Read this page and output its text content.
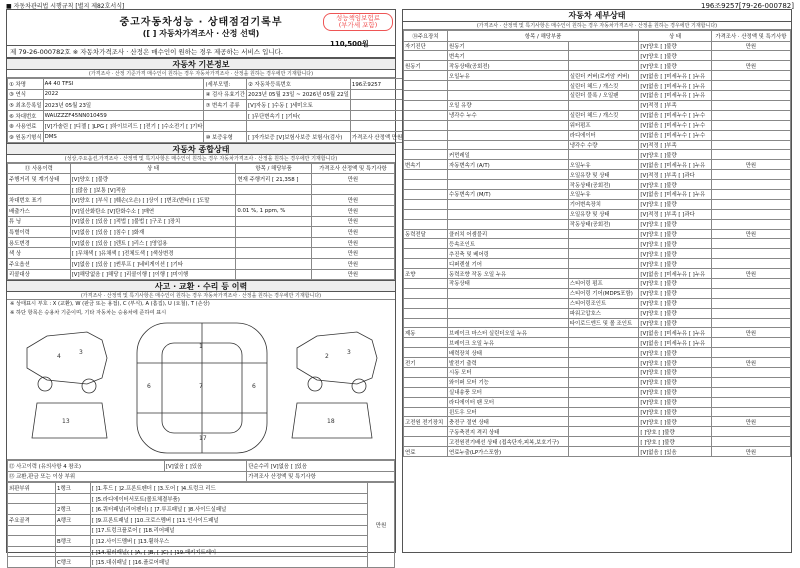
■ 자동차관리법 시행규칙 [별지 제82호서식]	196조9257[79-26-000782]
중고자동차성능 · 상태점검기록부
([ ] 자동차가격조사 · 산정 선택)
성능책임보험료
(부가세 포함)
110,500원
제 79-26-000782호 ※ 자동차가격조사 · 산정은 매수인이 원하는 경우 제공하는 서비스 입니다.
자동차 기본정보
(가격조사 · 산정 기준가격 매수인이 원하는 경우 자동차가격조사 · 산정을 원하는 경우에만 기재합니다)
① 차명	A4 40 TFSI	(세부모델:	② 자동차등록번호	196조9257
③ 연식	2022	④ 검사 유효기간	2023년 05월 23일 ~ 2026년 05월 22일	
⑤ 최초등록일	2023년 05월 23일	⑦ 변속기 종류	[V]자동 [ ]수동 [ ]세미오토	
⑥ 차대번호	WAUZZZF45NN010459		[ ]무단변속기 [ ]기타(	
⑧ 사용연료	[V]가솔린 [ ]디젤 [ ]LPG [ ]하이브리드 [ ]전기 [ ]수소전기 [ ]기타			
⑨ 원동기형식	DMS	⑩ 보증유형	[ ]자가보증 [V]보험사보증 보험사(검사)	가격조사 산정액 만원
자동차 종합상태
(성상,주요옵션,가격조사 · 산정액 및 특기사항은 매수인이 원하는 경우 자동차가격조사 · 산정을 원하는 경우에만 기재합니다)
⑪ 사용이력	상 태	항목 / 해당부품	가격조사 산정액 및 특기사항
주행거리 및 계기상태	[V]양호 [ ]불량	현재 주행거리 [ 21,358 ]	만원
	[ ]많음 [ ]보통 [V]적음		
차대번호 표기	[V]양호 [ ]부식 [ ]훼손(오손) [ ]상이 [ ]변조(변타) [ ]도말		만원
배출가스	[V]일산화탄소 [V]탄화수소 [ ]매연	0.01 %, 1 ppm, %	만원
튜 닝	[V]없음 [ ]있음 [ ]적법 [ ]불법 [ ]구조 [ ]장치		만원
특별이력	[V]없음 [ ]있음 [ ]침수 [ ]화재		만원
용도변경	[V]없음 [ ]있음 [ ]렌트 [ ]리스 [ ]영업용		만원
색 상	[ ]무채색 [ ]유채색 [ ]전체도색 [ ]색상변경		만원
주요옵션	[V]없음 [ ]있음 [ ]썬루프 [ ]네비게이션 [ ]기타		만원
리콜대상	[V]해당없음 [ ]해당 [ ]리콜이행 [ ]이행 [ ]미이행		만원
사고 · 교환 · 수리 등 이력
(가격조사 · 산정액 및 특기사항은 매수인이 원하는 경우 자동차가격조사 · 산정을 원하는 경우에만 기재합니다)
※ 상태표시 부호 : X (교환), W (판금 또는 용접), C (부식), A (흠집), U (요철), T (손상)
※ 하단 항목은 승용차 기준이며, 기타 자동차는 승용차에 준하여 표시
4
3
2
3
1
7
17
6	6
13	18
⑫ 사고이력 (유의사항 4 참조)	[V]없음 [ ]있음	단순수리 [V]없음 [ ]있음
⑬ 교환,판금 또는 이상 부위		가격조사 산정액 및 특기사항
외판부위	1랭크	[ ]1.후드 [ ]2.프론트펜더 [ ]3.도어 [ ]4.트렁크 리드	만원
		[ ]5.라디에이터서포트(볼트체결부품)	
	2랭크	[ ]6.쿼터패널(리어펜더) [ ]7.루프패널 [ ]8.사이드실패널	
주요골격	A랭크	[ ]9.프론트패널 [ ]10.크로스멤버 [ ]11.인사이드패널	
		[ ]17.트렁크플로어 [ ]18.리어패널	
	B랭크	[ ]12.사이드멤버 [ ]13.휠하우스	
		[ ]14.필러패널( [ ]A, [ ]B, [ ]C) [ ]19.패키지트레이	
	C랭크	[ ]15.대쉬패널 [ ]16.플로어패널	
자동차 세부상태
(가격조사 · 산정액 및 특기사항은 매수인이 원하는 경우 자동차가격조사 · 산정을 원하는 경우에만 기재합니다)
⑭주요장치	항목 / 해당부품		상 태	가격조사 · 산정액 및 특기사항
자기진단	원동기		[V]양호 [ ]불량	만원
	변속기		[V]양호 [ ]불량	
원동기	작동상태(공회전)		[V]양호 [ ]불량	만원
	오일누유	실린더 커버(로커암 커버)	[V]없음 [ ]미세누유 [ ]누유	
		실린더 헤드 / 개스킷	[V]없음 [ ]미세누유 [ ]누유	
		실린더 블록 / 오일팬	[V]없음 [ ]미세누유 [ ]누유	
	오일 유량		[V]적정 [ ]부족	
	냉각수 누수	실린더 헤드 / 개스킷	[V]없음 [ ]미세누수 [ ]누수	
		워터펌프	[V]없음 [ ]미세누수 [ ]누수	
		라디에이터	[V]없음 [ ]미세누수 [ ]누수	
		냉각수 수량	[V]적정 [ ]부족	
	커먼레일		[V]양호 [ ]불량	
변속기	자동변속기 (A/T)	오일누유	[V]없음 [ ]미세누유 [ ]누유	만원
		오일유량 및 상태	[V]적정 [ ]부족 [ ]과다	
		작동상태(공회전)	[V]양호 [ ]불량	
	수동변속기 (M/T)	오일누유	[V]없음 [ ]미세누유 [ ]누유	
		기어변속장치	[V]양호 [ ]불량	
		오일유량 및 상태	[V]적정 [ ]부족 [ ]과다	
		작동상태(공회전)	[V]양호 [ ]불량	
동력전달	클러치 어셈블리		[V]양호 [ ]불량	만원
	등속조인트		[V]양호 [ ]불량	
	추진축 및 베어링		[V]양호 [ ]불량	
	디퍼렌셜 기어		[V]양호 [ ]불량	
조향	동력조향 작동 오일 누유		[V]없음 [ ]미세누유 [ ]누유	만원
	작동상태	스티어링 펌프	[V]양호 [ ]불량	
		스티어링 기어(MDPS포함)	[V]양호 [ ]불량	
		스티어링조인트	[V]양호 [ ]불량	
		파워고압호스	[V]양호 [ ]불량	
		타이로드엔드 및 볼 조인트	[V]양호 [ ]불량	
제동	브레이크 마스터 실린더오일 누유		[V]없음 [ ]미세누유 [ ]누유	만원
	브레이크 오일 누유		[V]없음 [ ]미세누유 [ ]누유	
	배력장치 상태		[V]양호 [ ]불량	
전기	발전기 출력		[V]양호 [ ]불량	만원
	시동 모터		[V]양호 [ ]불량	
	와이퍼 모터 기능		[V]양호 [ ]불량	
	실내송풍 모터		[V]양호 [ ]불량	
	라디에이터 팬 모터		[V]양호 [ ]불량	
	윈도우 모터		[V]양호 [ ]불량	
고전원 전기장치	충전구 절연 상태		[V]양호 [ ]불량	만원
	구동축전지 격리 상태		[ ]양호 [ ]불량	
	고전원전기배선 상태 (접속단자,피복,보호기구)		[ ]양호 [ ]불량	
연료	연료누출(LP가스포함)		[V]없음 [ ]있음	만원
